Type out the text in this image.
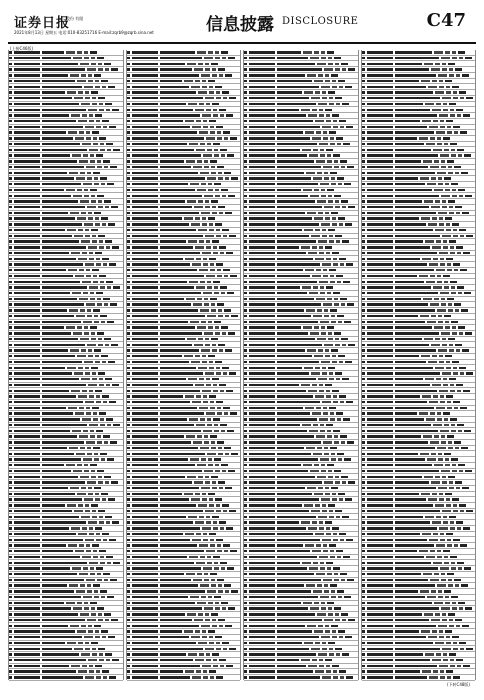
证券日报
股份 有限
2021年8月13日 星期五 电话:010-83251716 E-mail:zqrb9@zqrb.sina.net	信息披露 DISCLOSURE	C47
(上接C46版)
(下转C48版)
